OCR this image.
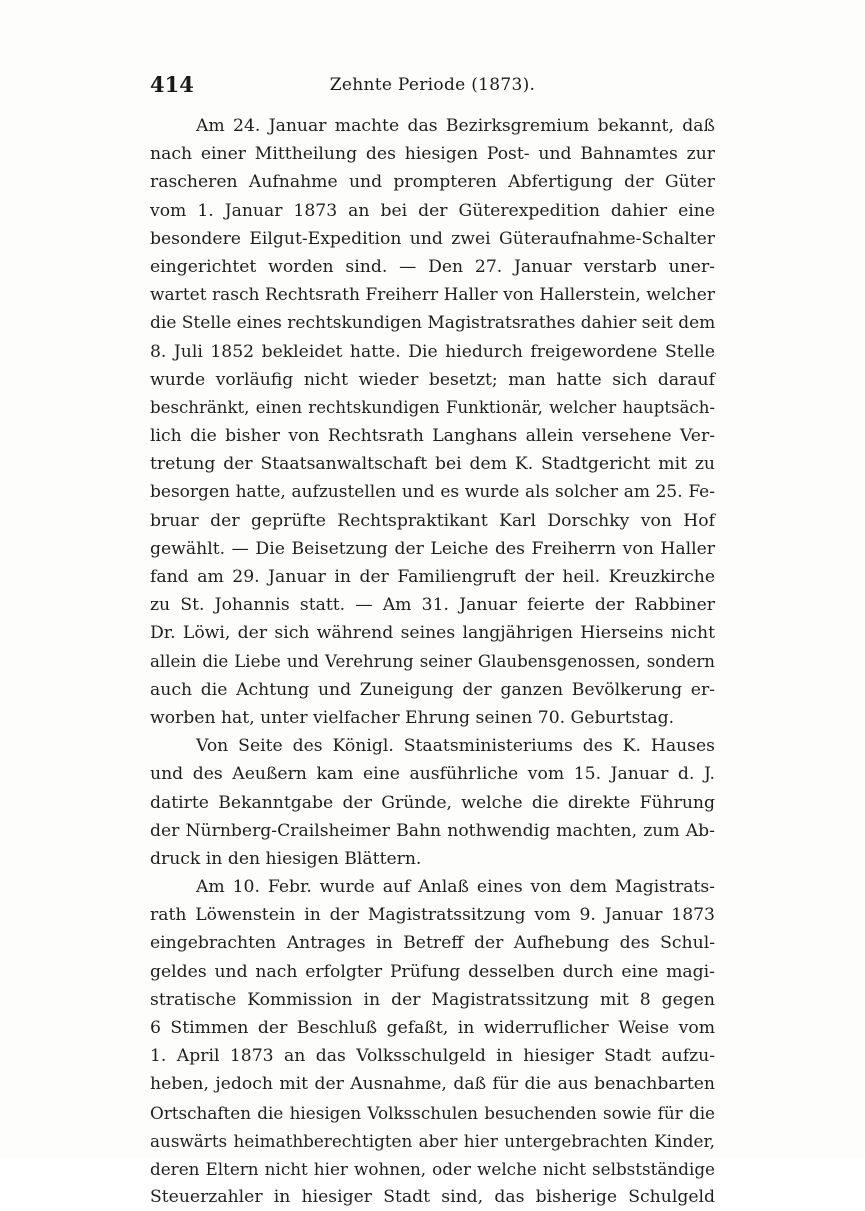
414	Zehnte Periode (1873).
Am 24. Januar machte das Bezirksgremium bekannt, daß
nach einer Mittheilung des hiesigen Post- und Bahnamtes zur
rascheren Aufnahme und prompteren Abfertigung der Güter
vom 1. Januar 1873 an bei der Güterexpedition dahier eine
besondere Eilgut-Expedition und zwei Güteraufnahme-Schalter
eingerichtet worden sind. — Den 27. Januar verstarb uner-
wartet rasch Rechtsrath Freiherr Haller von Hallerstein, welcher
die Stelle eines rechtskundigen Magistratsrathes dahier seit dem
8. Juli 1852 bekleidet hatte. Die hiedurch freigewordene Stelle
wurde vorläufig nicht wieder besetzt; man hatte sich darauf
beschränkt, einen rechtskundigen Funktionär, welcher hauptsäch-
lich die bisher von Rechtsrath Langhans allein versehene Ver-
tretung der Staatsanwaltschaft bei dem K. Stadtgericht mit zu
besorgen hatte, aufzustellen und es wurde als solcher am 25. Fe-
bruar der geprüfte Rechtspraktikant Karl Dorschky von Hof
gewählt. — Die Beisetzung der Leiche des Freiherrn von Haller
fand am 29. Januar in der Familiengruft der heil. Kreuzkirche
zu St. Johannis statt. — Am 31. Januar feierte der Rabbiner
Dr. Löwi, der sich während seines langjährigen Hierseins nicht
allein die Liebe und Verehrung seiner Glaubensgenossen, sondern
auch die Achtung und Zuneigung der ganzen Bevölkerung er-
worben hat, unter vielfacher Ehrung seinen 70. Geburtstag.
Von Seite des Königl. Staatsministeriums des K. Hauses
und des Aeußern kam eine ausführliche vom 15. Januar d. J.
datirte Bekanntgabe der Gründe, welche die direkte Führung
der Nürnberg-Crailsheimer Bahn nothwendig machten, zum Ab-
druck in den hiesigen Blättern.
Am 10. Febr. wurde auf Anlaß eines von dem Magistrats-
rath Löwenstein in der Magistratssitzung vom 9. Januar 1873
eingebrachten Antrages in Betreff der Aufhebung des Schul-
geldes und nach erfolgter Prüfung desselben durch eine magi-
stratische Kommission in der Magistratssitzung mit 8 gegen
6 Stimmen der Beschluß gefaßt, in widerruflicher Weise vom
1. April 1873 an das Volksschulgeld in hiesiger Stadt aufzu-
heben, jedoch mit der Ausnahme, daß für die aus benachbarten
Ortschaften die hiesigen Volksschulen besuchenden sowie für die
auswärts heimathberechtigten aber hier untergebrachten Kinder,
deren Eltern nicht hier wohnen, oder welche nicht selbstständige
Steuerzahler in hiesiger Stadt sind, das bisherige Schulgeld
